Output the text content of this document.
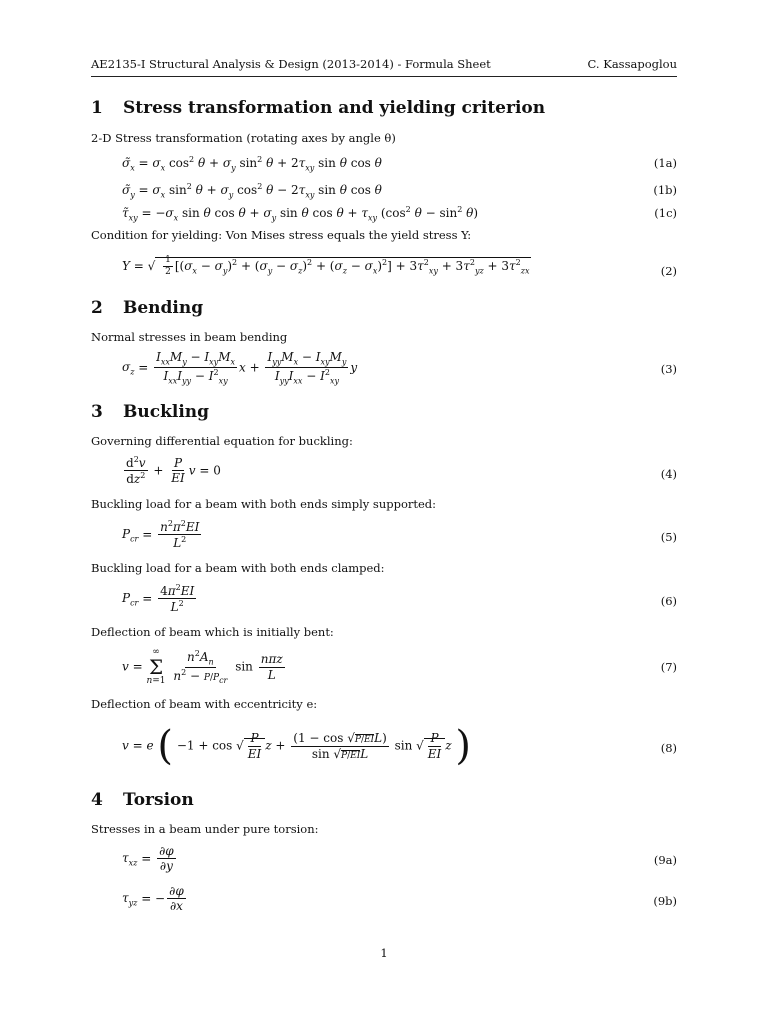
AE2135-I Structural Analysis & Design (2013-2014) - Formula Sheet	C. Kassapoglou
1 Stress transformation and yielding criterion
2-D Stress transformation (rotating axes by angle θ)
$\sigmã_x = \sigma_x$ $\cos^2 \theta + \sigma_y$ $\sin^2 \theta + 2\tau_{xy}$ sin θ cos θ	(1a)
$\sigmã_y = \sigma_x$ $\sin^2 \theta + \sigma_y$ $\cos^2 \theta - 2\tau_{xy}$ sin θ cos θ	(1b)
$\taũ_{xy} = -\sigma_x$ sin θ $\cos \theta + \sigma_y$ sin θ $\cos \theta + \tau_{xy}$ ($\cos^2$ $\theta - \sin^2 \theta$)	(1c)
Condition for yielding: Von Mises stress equals the yield stress Y:
Y = √ $\frac{1}{2} [(\sigma_x - \sigma_y)^2 + (\sigma_y - \sigma_z)^2 + (\sigma_z - \sigma_x)^2] + 3\tau^2_{xy} + 3\tau^2_{yz} + 3\tau^2_{zx}$	(2)
2 Bending
Normal stresses in beam bending
$\sigma_z$ =
$I_{xx}M_y - I_{xy}M_x$
$I_{xx}I_{yy} - I^2_{xy}$
x +
$I_{yy}M_x - I_{xy}M_y$
$I_{yy}I_{xx} - I^2_{xy}$
y	(3)
3 Buckling
Governing differential equation for buckling:
$\frac{d^2v}{dz^2} + \frac{P}{EI}$ v = 0	(4)
Buckling load for a beam with both ends simply supported:
$P_{cr} = \frac{n^2\pi^2EI}{L^2}$	(5)
Buckling load for a beam with both ends clamped:
$P_{cr} = \frac{4\pi^2EI}{L^2}$	(6)
Deflection of beam which is initially bent:
v =
∞
Σ
n=1

$n^2A_n$
$n^2 - P/P_{cr}$
sin
nπz
L
(7)
Deflection of beam with eccentricity e:
v = e ( −1 + cos √ $\frac{P}{EI}$ z +
(1 − cos √P/EIL)
sin √P/EIL
sin √ $\frac{P}{EI}$ z )	(8)
4 Torsion
Stresses in a beam under pure torsion:
$\tau_{xz} = \frac{\partial\varphi}{\partial y}$	(9a)
$\tau_{yz}$ = − $\frac{\partial\varphi}{\partial x}$	(9b)
1
